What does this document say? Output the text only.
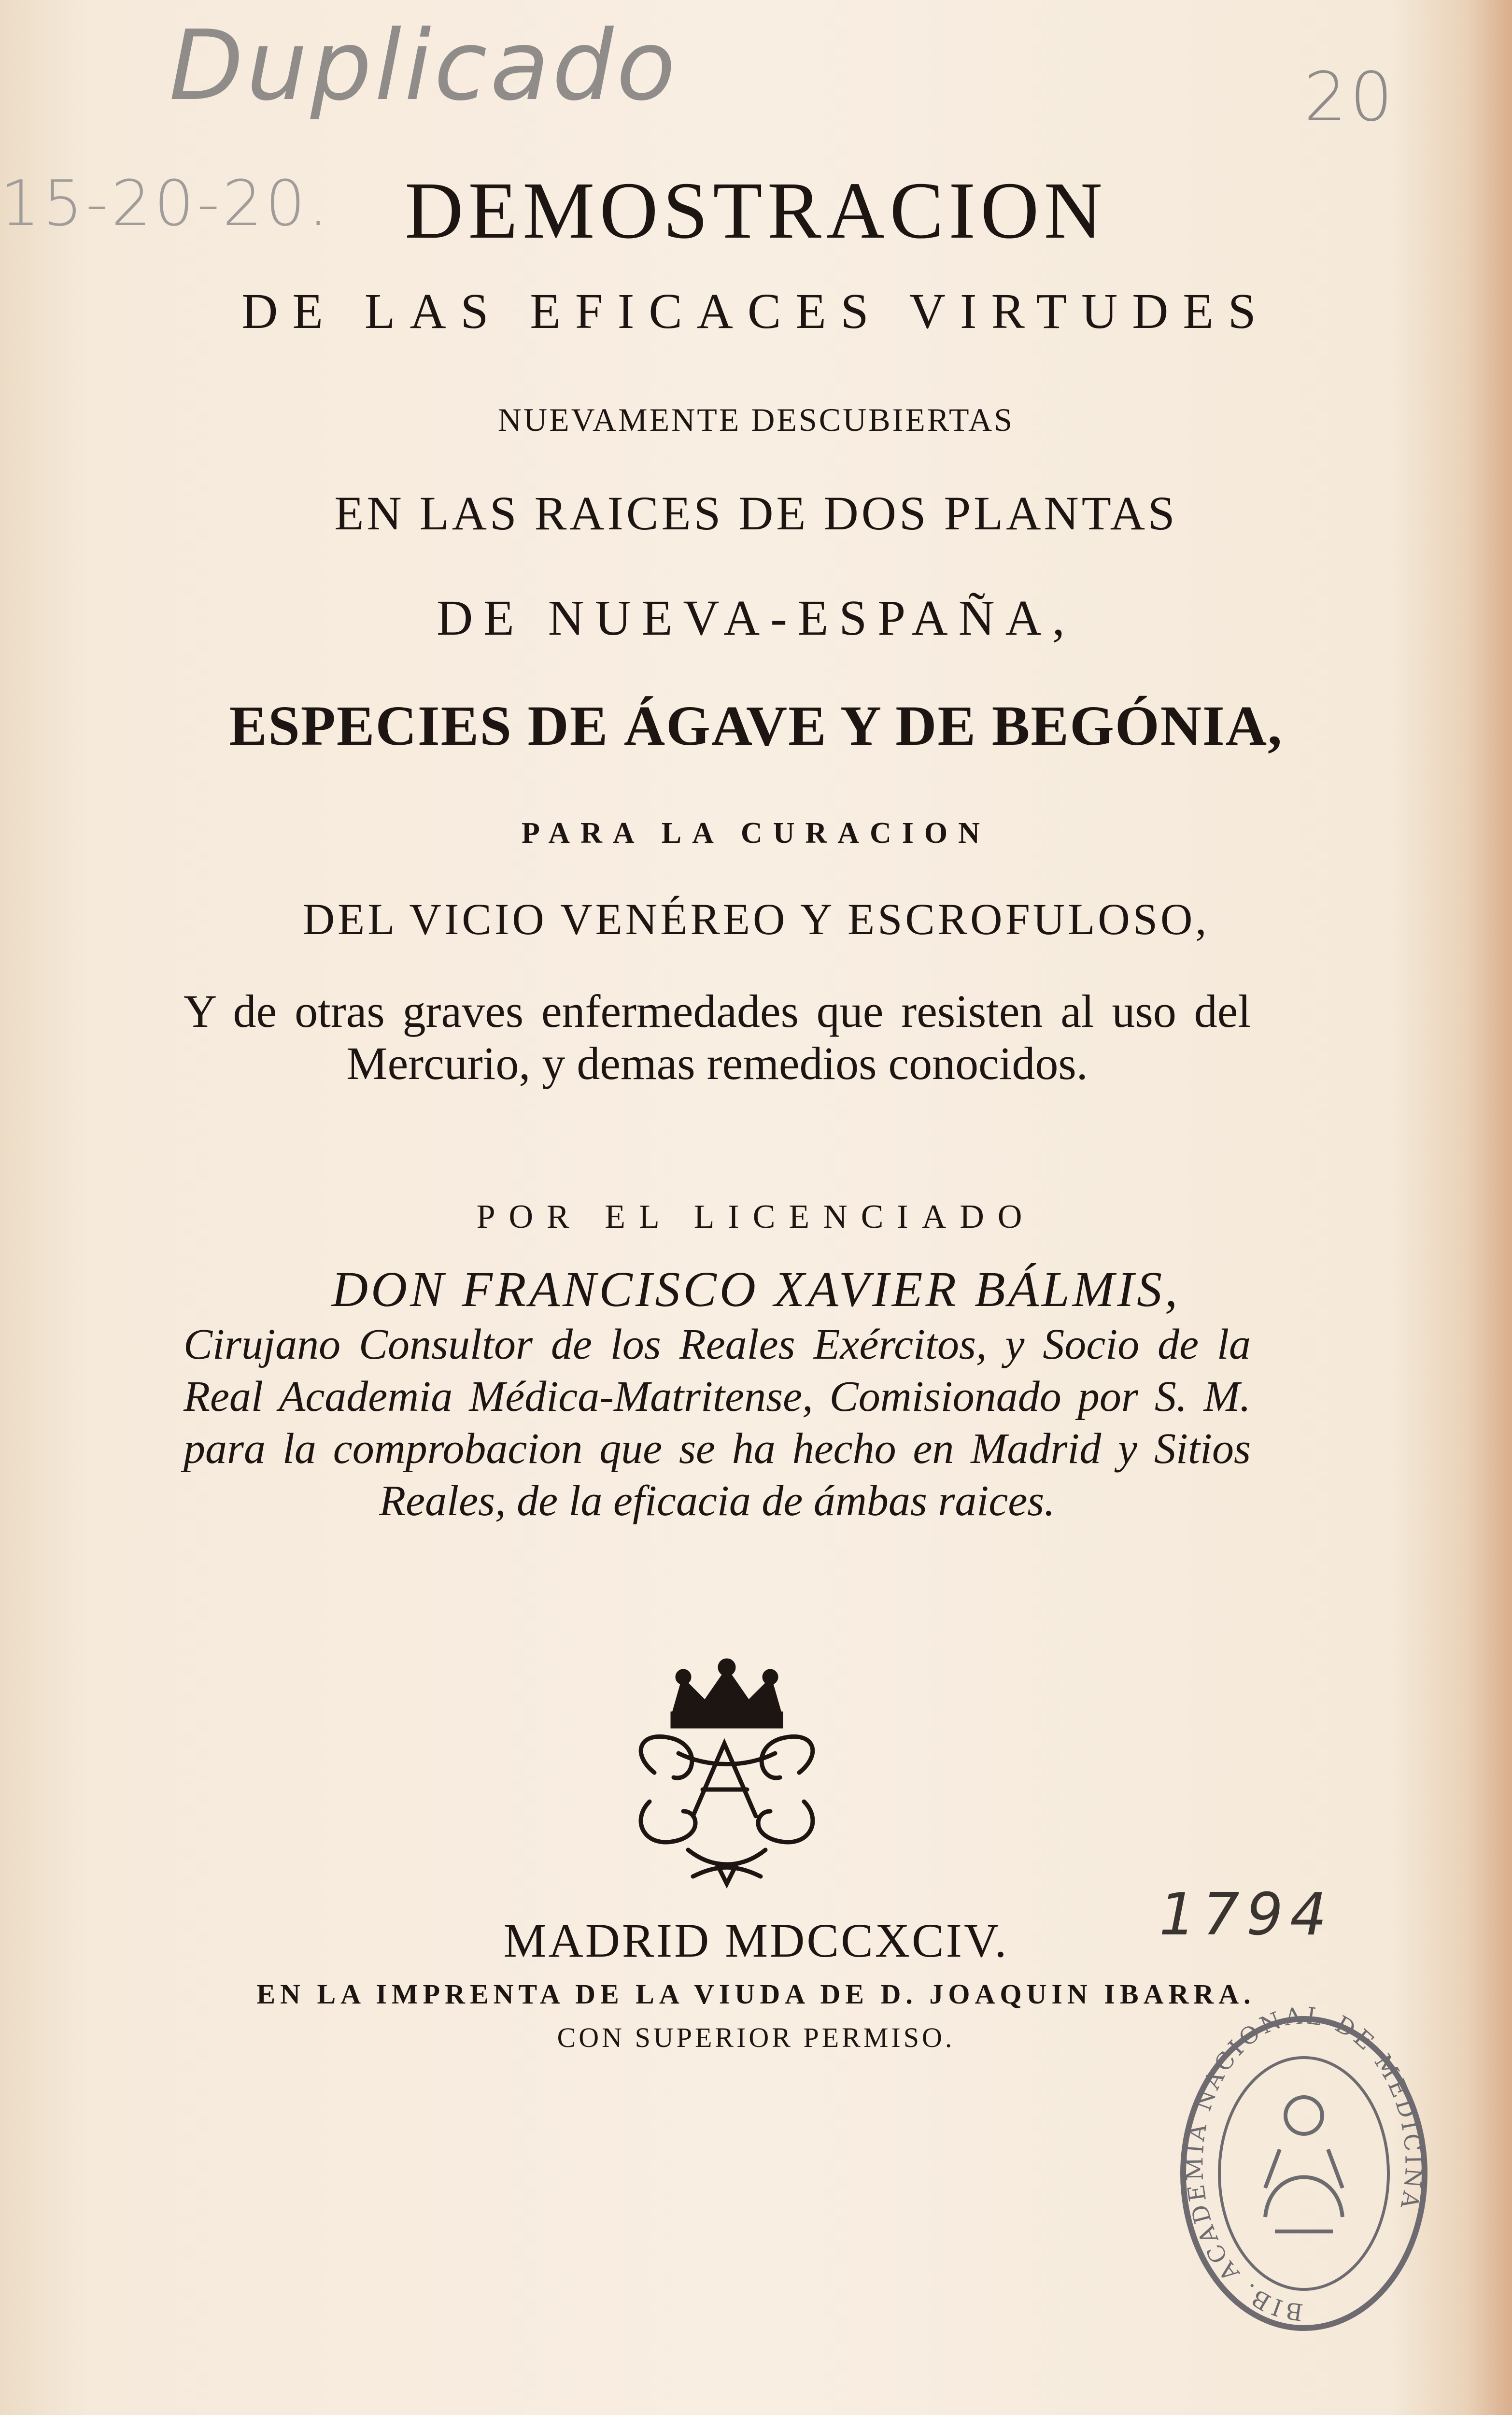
Duplicado	20
15-20-20. DEMOSTRACION
DE LAS EFICACES VIRTUDES
NUEVAMENTE DESCUBIERTAS
EN LAS RAICES DE DOS PLANTAS
DE NUEVA-ESPAÑA,
ESPECIES DE ÁGAVE Y DE BEGÓNIA,
PARA LA CURACION
DEL VICIO VENÉREO Y ESCROFULOSO,
Y de otras graves enfermedades que resisten al uso del Mercurio, y demas remedios conocidos.
POR EL LICENCIADO
DON FRANCISCO XAVIER BÁLMIS,
Cirujano Consultor de los Reales Exércitos, y Socio de la Real Academia Médica-Matritense, Comisionado por S. M. para la comprobacion que se ha hecho en Madrid y Sitios Reales, de la eficacia de ámbas raices.
1794
MADRID MDCCXCIV.
EN LA IMPRENTA DE LA VIUDA DE D. JOAQUIN IBARRA.
CON SUPERIOR PERMISO.
BIB. ACADEMIA NACIONAL DE MEDICINA
